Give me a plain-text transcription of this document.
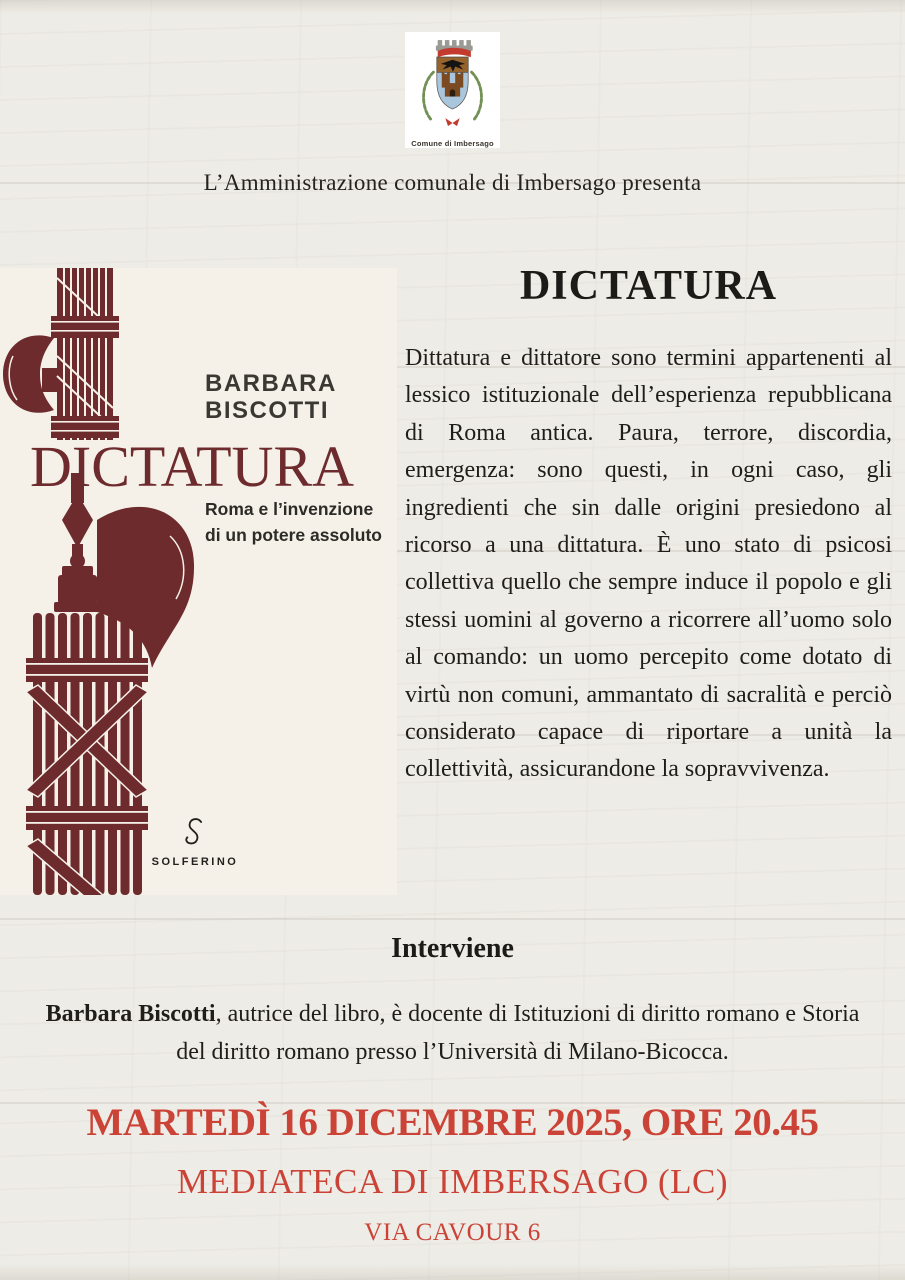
Comune di Imbersago
L’Amministrazione comunale di Imbersago presenta
BARBARA
BISCOTTI
DICTATURA
Roma e l’invenzione
di un potere assoluto
SOLFERINO
DICTATURA
Dittatura e dittatore sono termini appartenenti al lessico istituzionale dell’esperienza repubblicana di Roma antica. Paura, terrore, discordia, emergenza: sono questi, in ogni caso, gli ingredienti che sin dalle origini presiedono al ricorso a una dittatura. È uno stato di psicosi collettiva quello che sempre induce il popolo e gli stessi uomini al governo a ricorrere all’uomo solo al comando: un uomo percepito come dotato di virtù non comuni, ammantato di sacralità e perciò considerato capace di riportare a unità la collettività, assicurandone la sopravvivenza.
Interviene
Barbara Biscotti, autrice del libro, è docente di Istituzioni di diritto romano e Storia del diritto romano presso l’Università di Milano-Bicocca.
MARTEDÌ 16 DICEMBRE 2025, ORE 20.45
MEDIATECA DI IMBERSAGO (LC)
VIA CAVOUR 6
